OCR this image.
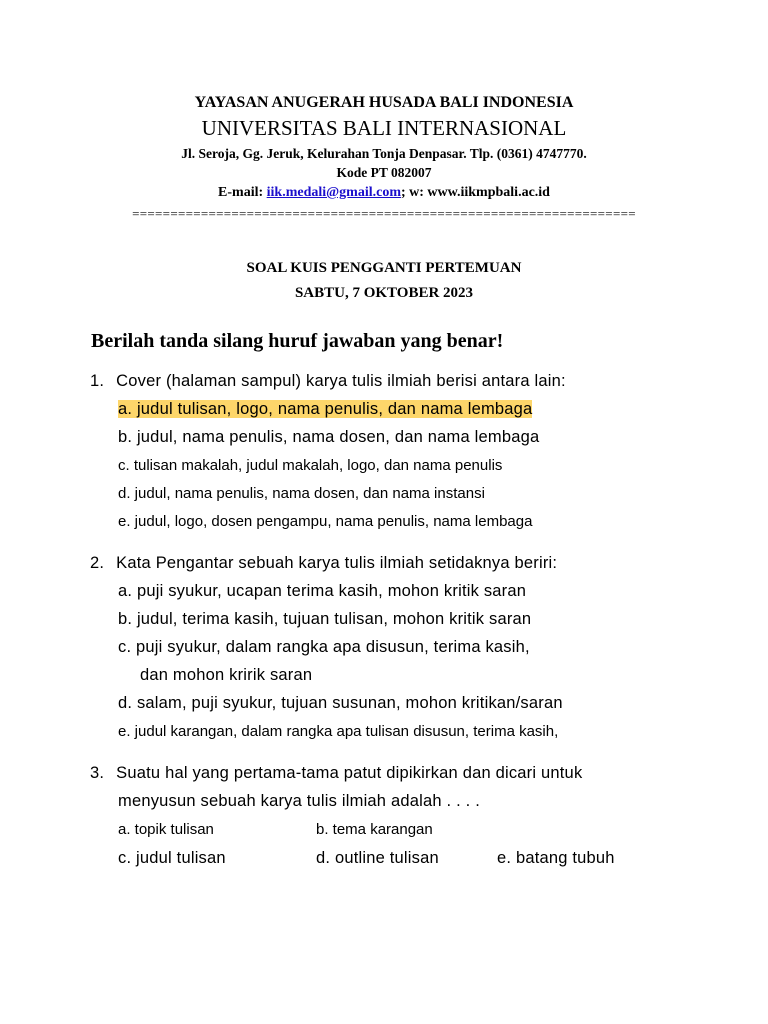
YAYASAN ANUGERAH HUSADA BALI INDONESIA
UNIVERSITAS BALI INTERNASIONAL
Jl. Seroja, Gg. Jeruk, Kelurahan Tonja Denpasar. Tlp. (0361) 4747770.
Kode PT 082007
E-mail: iik.medali@gmail.com; w: www.iikmpbali.ac.id
==================================================================
SOAL KUIS PENGGANTI PERTEMUAN
SABTU, 7 OKTOBER 2023
Berilah tanda silang huruf jawaban yang benar!
1. Cover (halaman sampul) karya tulis ilmiah berisi antara lain:
a. judul tulisan, logo, nama penulis, dan nama lembaga
b. judul, nama penulis, nama dosen, dan nama lembaga
c. tulisan makalah, judul makalah, logo, dan nama penulis
d. judul, nama penulis, nama dosen, dan nama instansi
e. judul, logo, dosen pengampu, nama penulis, nama lembaga
2. Kata Pengantar sebuah karya tulis ilmiah setidaknya beriri:
a. puji syukur, ucapan terima kasih, mohon kritik saran
b. judul, terima kasih, tujuan tulisan, mohon kritik saran
c. puji syukur, dalam rangka apa disusun, terima kasih,
dan mohon kririk saran
d. salam, puji syukur, tujuan susunan, mohon kritikan/saran
e. judul karangan, dalam rangka apa tulisan disusun, terima kasih,
3. Suatu hal yang pertama-tama patut dipikirkan dan dicari untuk
menyusun sebuah karya tulis ilmiah adalah . . . .
a. topik tulisan	b. tema karangan
c. judul tulisan	d. outline tulisan	e. batang tubuh
